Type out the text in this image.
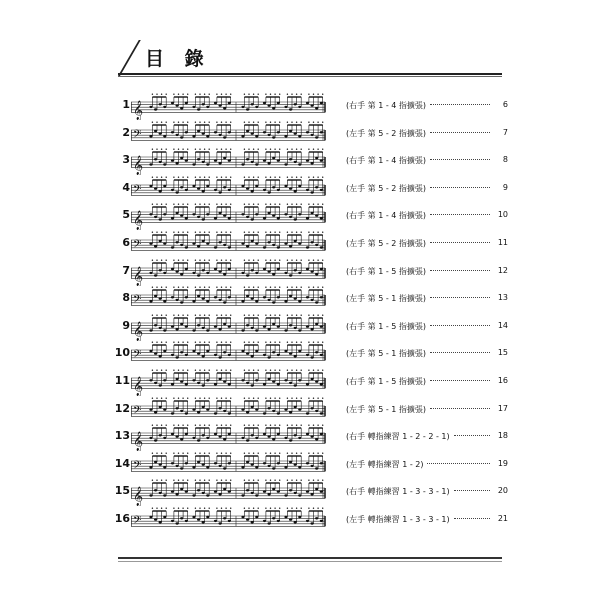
目 錄
1 𝄞	(右手 第 1 - 4 指擴張)	6
2 𝄢	(左手 第 5 - 2 指擴張)	7
3 𝄞	(右手 第 1 - 4 指擴張)	8
4 𝄢	(左手 第 5 - 2 指擴張)	9
5 𝄞	(右手 第 1 - 4 指擴張)	10
6 𝄢	(左手 第 5 - 2 指擴張)	11
7 𝄞	(右手 第 1 - 5 指擴張)	12
8 𝄢	(左手 第 5 - 1 指擴張)	13
9 𝄞	(右手 第 1 - 5 指擴張)	14
10 𝄢	(左手 第 5 - 1 指擴張)	15
11 𝄞	(右手 第 1 - 5 指擴張)	16
12 𝄢	(左手 第 5 - 1 指擴張)	17
13 𝄞	(右手 轉指練習 1 - 2 - 2 - 1)	18
14 𝄢	(左手 轉指練習 1 - 2)	19
15 𝄞	(右手 轉指練習 1 - 3 - 3 - 1)	20
16 𝄢	(左手 轉指練習 1 - 3 - 3 - 1)	21
